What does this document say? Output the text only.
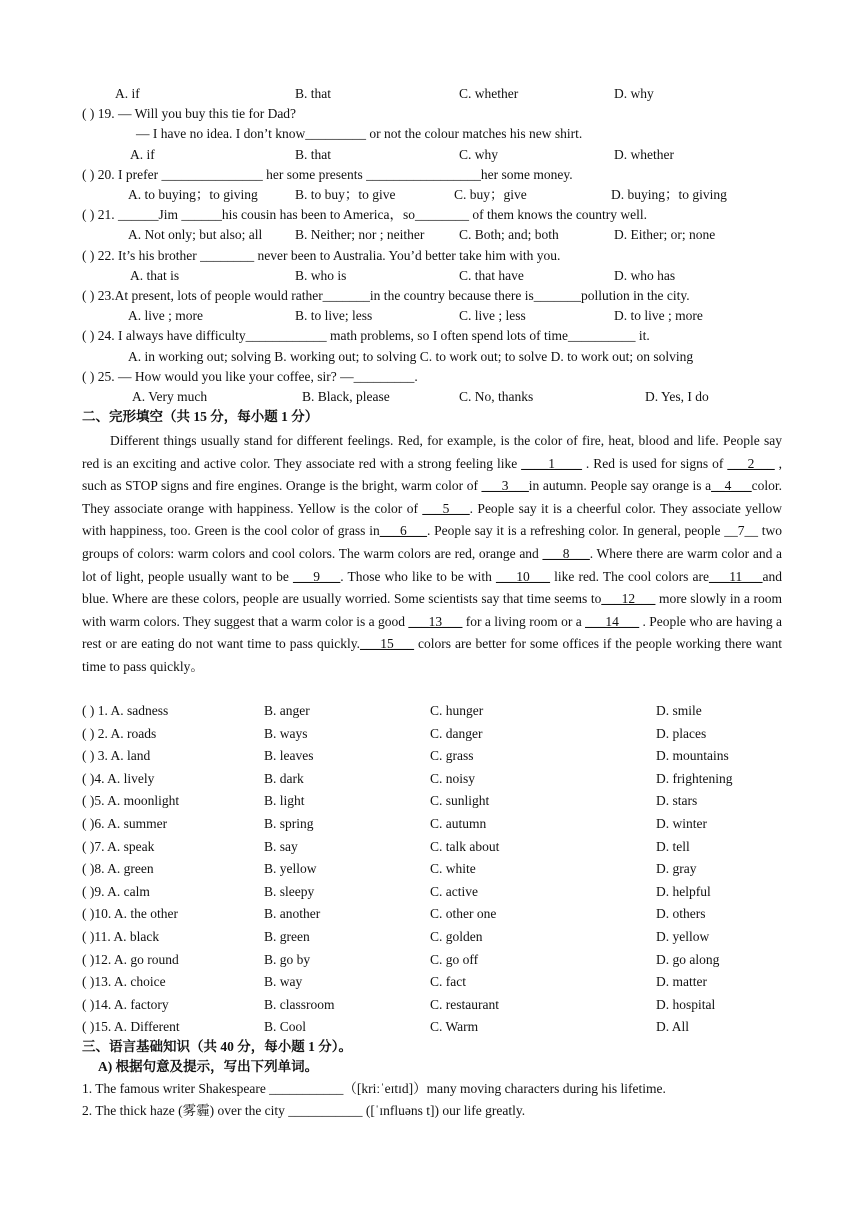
A. if	B. that	C. whether	D. why
( ) 19. — Will you buy this tie for Dad?
— I have no idea. I don’t know_________ or not the colour matches his new shirt.
A. if	B. that	C. why	D. whether
( ) 20. I prefer _______________ her some presents _________________her some money.
A. to buying；to giving	B. to buy；to give	C. buy；give	D. buying；to giving
( ) 21. ______Jim ______his cousin has been to America，so________ of them knows the country well.
A. Not only; but also; all B. Neither; nor ; neither	C. Both; and; both	D. Either; or; none
( ) 22. It’s his brother ________ never been to Australia. You’d better take him with you.
A. that is	B. who is	C. that have	D. who has
( ) 23.At present, lots of people would rather_______in the country because there is_______pollution in the city.
A. live ; more	B. to live; less	C. live ; less	D. to live ; more
( ) 24. I always have difficulty____________ math problems, so I often spend lots of time__________ it.
A. in working out; solving B. working out; to solving C. to work out; to solve D. to work out; on solving
( ) 25. — How would you like your coffee, sir? —_________.
A. Very much	B. Black, please	C. No, thanks	D. Yes, I do
二、完形填空（共 15 分，每小题 1 分）

Different things usually stand for different feelings. Red, for example, is the color of fire, heat, blood and life. People say red is an exciting and active color. They associate red with a strong feeling like ____1____ . Red is used for signs of ___2___ , such as STOP signs and fire engines. Orange is the bright, warm color of ___3___in autumn. People say orange is a__4___color. They associate orange with happiness. Yellow is the color of ___5___. People say it is a cheerful color. They associate yellow with happiness, too. Green is the cool color of grass in___6___. People say it is a refreshing color. In general, people __7__ two groups of colors: warm colors and cool colors. The warm colors are red, orange and ___8___. Where there are warm color and a lot of light, people usually want to be ___9___. Those who like to be with ___10___ like red. The cool colors are___11___and blue. Where are these colors, people are usually worried. Some scientists say that time seems to___12___ more slowly in a room with warm colors. They suggest that a warm color is a good ___13___ for a living room or a ___14___ . People who are having a rest or are eating do not want time to pass quickly.___15___ colors are better for some offices if the people working there want time to pass quickly。

( ) 1. A. sadness	B. anger	C. hunger	D. smile
( ) 2. A. roads	B. ways	C. danger	D. places
( ) 3. A. land	B. leaves	C. grass	D. mountains
( )4. A. lively	B. dark	C. noisy	D. frightening
( )5. A. moonlight	B. light	C. sunlight	D. stars
( )6. A. summer	B. spring	C. autumn	D. winter
( )7. A. speak	B. say	C. talk about	D. tell
( )8. A. green	B. yellow	C. white	D. gray
( )9. A. calm	B. sleepy	C. active	D. helpful
( )10. A. the other	B. another	C. other one	D. others
( )11. A. black	B. green	C. golden	D. yellow
( )12. A. go round	B. go by	C. go off	D. go along
( )13. A. choice	B. way	C. fact	D. matter
( )14. A. factory	B. classroom	C. restaurant	D. hospital
( )15. A. Different	B. Cool	C. Warm	D. All
三、语言基础知识（共 40 分，每小题 1 分）。
A) 根据句意及提示，写出下列单词。
1. The famous writer Shakespeare ___________（[kriːˈeɪtɪd]）many moving characters during his lifetime.
2. The thick haze (雾霾) over the city ___________ ([ˈɪnfluəns t]) our life greatly.
